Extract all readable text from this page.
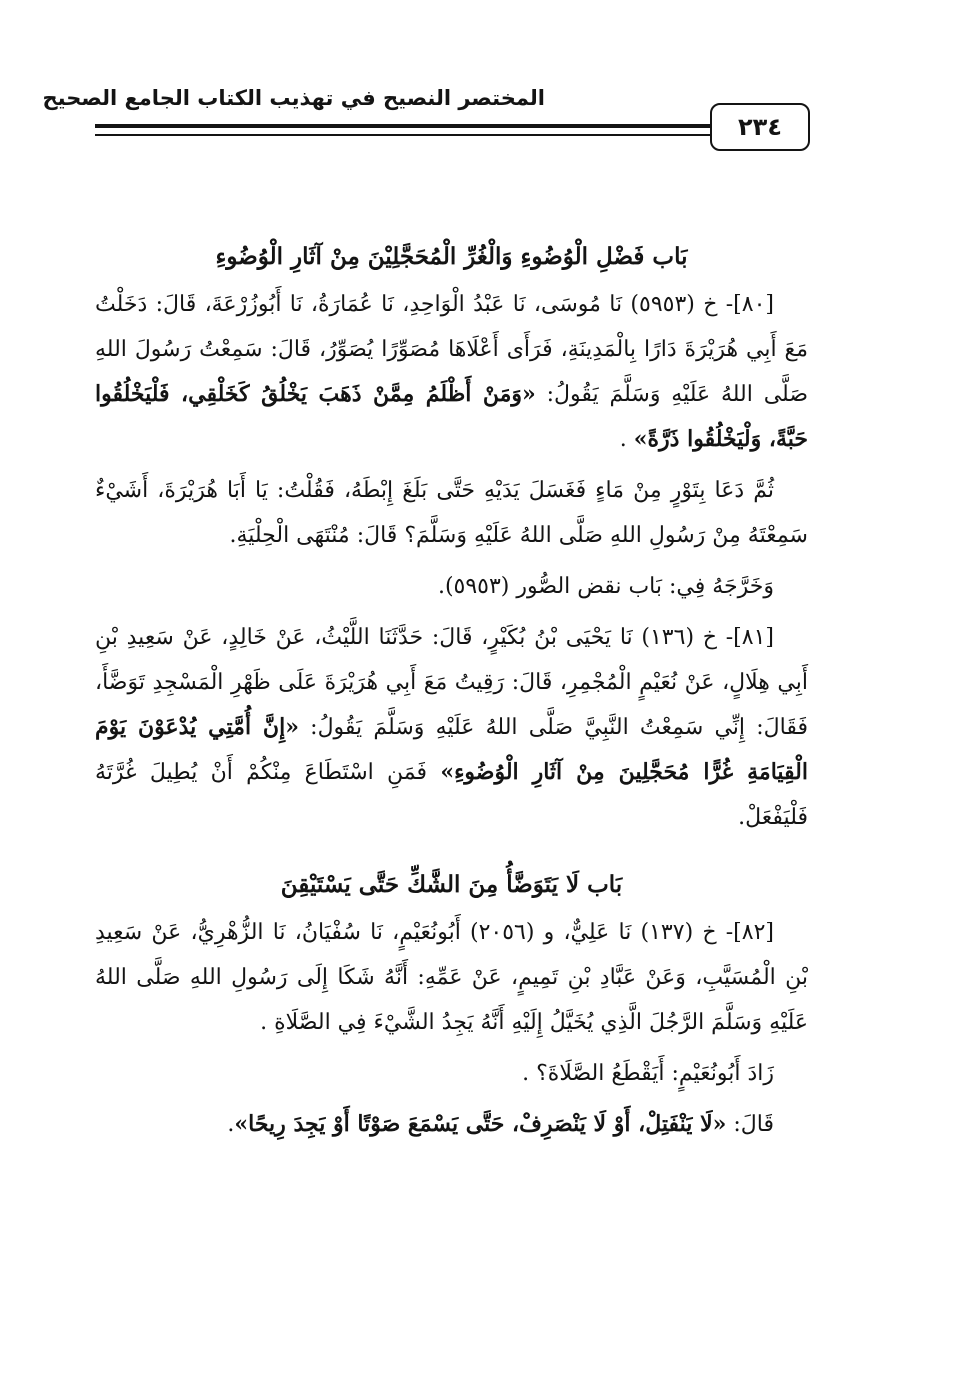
المختصر النصيح في تهذيب الكتاب الجامع الصحيح
٢٣٤
بَاب فَضْلِ الْوُضُوءِ وَالْغُرِّ الْمُحَجَّلِيْنَ مِنْ آثَارِ الْوُضُوءِ

[٨٠]- خ (٥٩٥٣) نَا مُوسَى، نَا عَبْدُ الْوَاحِدِ، نَا عُمَارَةُ، نَا أَبُوزُرْعَةَ، قَالَ: دَخَلْتُ مَعَ أَبِي هُرَيْرَةَ دَارًا بِالْمَدِينَةِ، فَرَأَى أَعْلَاهَا مُصَوِّرًا يُصَوِّرُ، قَالَ: سَمِعْتُ رَسُولَ اللهِ صَلَّى اللهُ عَلَيْهِ وَسَلَّمَ يَقُولُ: «وَمَنْ أَظْلَمُ مِمَّنْ ذَهَبَ يَخْلُقُ كَخَلْقِي، فَلْيَخْلُقُوا حَبَّةً، وَلْيَخْلُقُوا ذَرَّةً» .

ثُمَّ دَعَا بِتَوْرٍ مِنْ مَاءٍ فَغَسَلَ يَدَيْهِ حَتَّى بَلَغَ إِبْطَهُ، فَقُلْتُ: يَا أَبَا هُرَيْرَةَ، أَشَيْءٌ سَمِعْتَهُ مِنْ رَسُولِ اللهِ صَلَّى اللهُ عَلَيْهِ وَسَلَّمَ؟ قَالَ: مُنْتَهَى الْحِلْيَةِ.

وَخَرَّجَهُ فِي: بَاب نقض الصُّور (٥٩٥٣).

[٨١]- خ (١٣٦) نَا يَحْيَى بْنُ بُكَيْرٍ، قَالَ: حَدَّثَنَا اللَّيْثُ، عَنْ خَالِدٍ، عَنْ سَعِيدِ بْنِ أَبِي هِلَالٍ، عَنْ نُعَيْمٍ الْمُجْمِرِ، قَالَ: رَقِيتُ مَعَ أَبِي هُرَيْرَةَ عَلَى ظَهْرِ الْمَسْجِدِ تَوَضَّأَ، فَقَالَ: إِنِّي سَمِعْتُ النَّبِيَّ صَلَّى اللهُ عَلَيْهِ وَسَلَّمَ يَقُولُ: «إِنَّ أُمَّتِي يُدْعَوْنَ يَوْمَ الْقِيَامَةِ غُرًّا مُحَجَّلِينَ مِنْ آثَارِ الْوُضُوءِ» فَمَنِ اسْتَطَاعَ مِنْكُمْ أَنْ يُطِيلَ غُرَّتَهُ فَلْيَفْعَلْ.

بَاب لَا يَتَوَضَّأُ مِنَ الشَّكِّ حَتَّى يَسْتَيْقِنَ

[٨٢]- خ (١٣٧) نَا عَلِيٌّ، و (٢٠٥٦) أَبُونُعَيْمٍ، نَا سُفْيَانُ، نَا الزُّهْرِيُّ، عَنْ سَعِيدِ بْنِ الْمُسَيَّبِ، وَعَنْ عَبَّادِ بْنِ تَمِيمٍ، عَنْ عَمِّهِ: أَنَّهُ شَكَا إِلَى رَسُولِ اللهِ صَلَّى اللهُ عَلَيْهِ وَسَلَّمَ الرَّجُلَ الَّذِي يُخَيَّلُ إِلَيْهِ أَنَّهُ يَجِدُ الشَّيْءَ فِي الصَّلَاةِ .

زَادَ أَبُونُعَيْمٍ: أَيَقْطَعُ الصَّلَاةَ؟ .

قَالَ: «لَا يَنْفَتِلْ، أَوْ لَا يَنْصَرِفْ، حَتَّى يَسْمَعَ صَوْتًا أَوْ يَجِدَ رِيحًا».
